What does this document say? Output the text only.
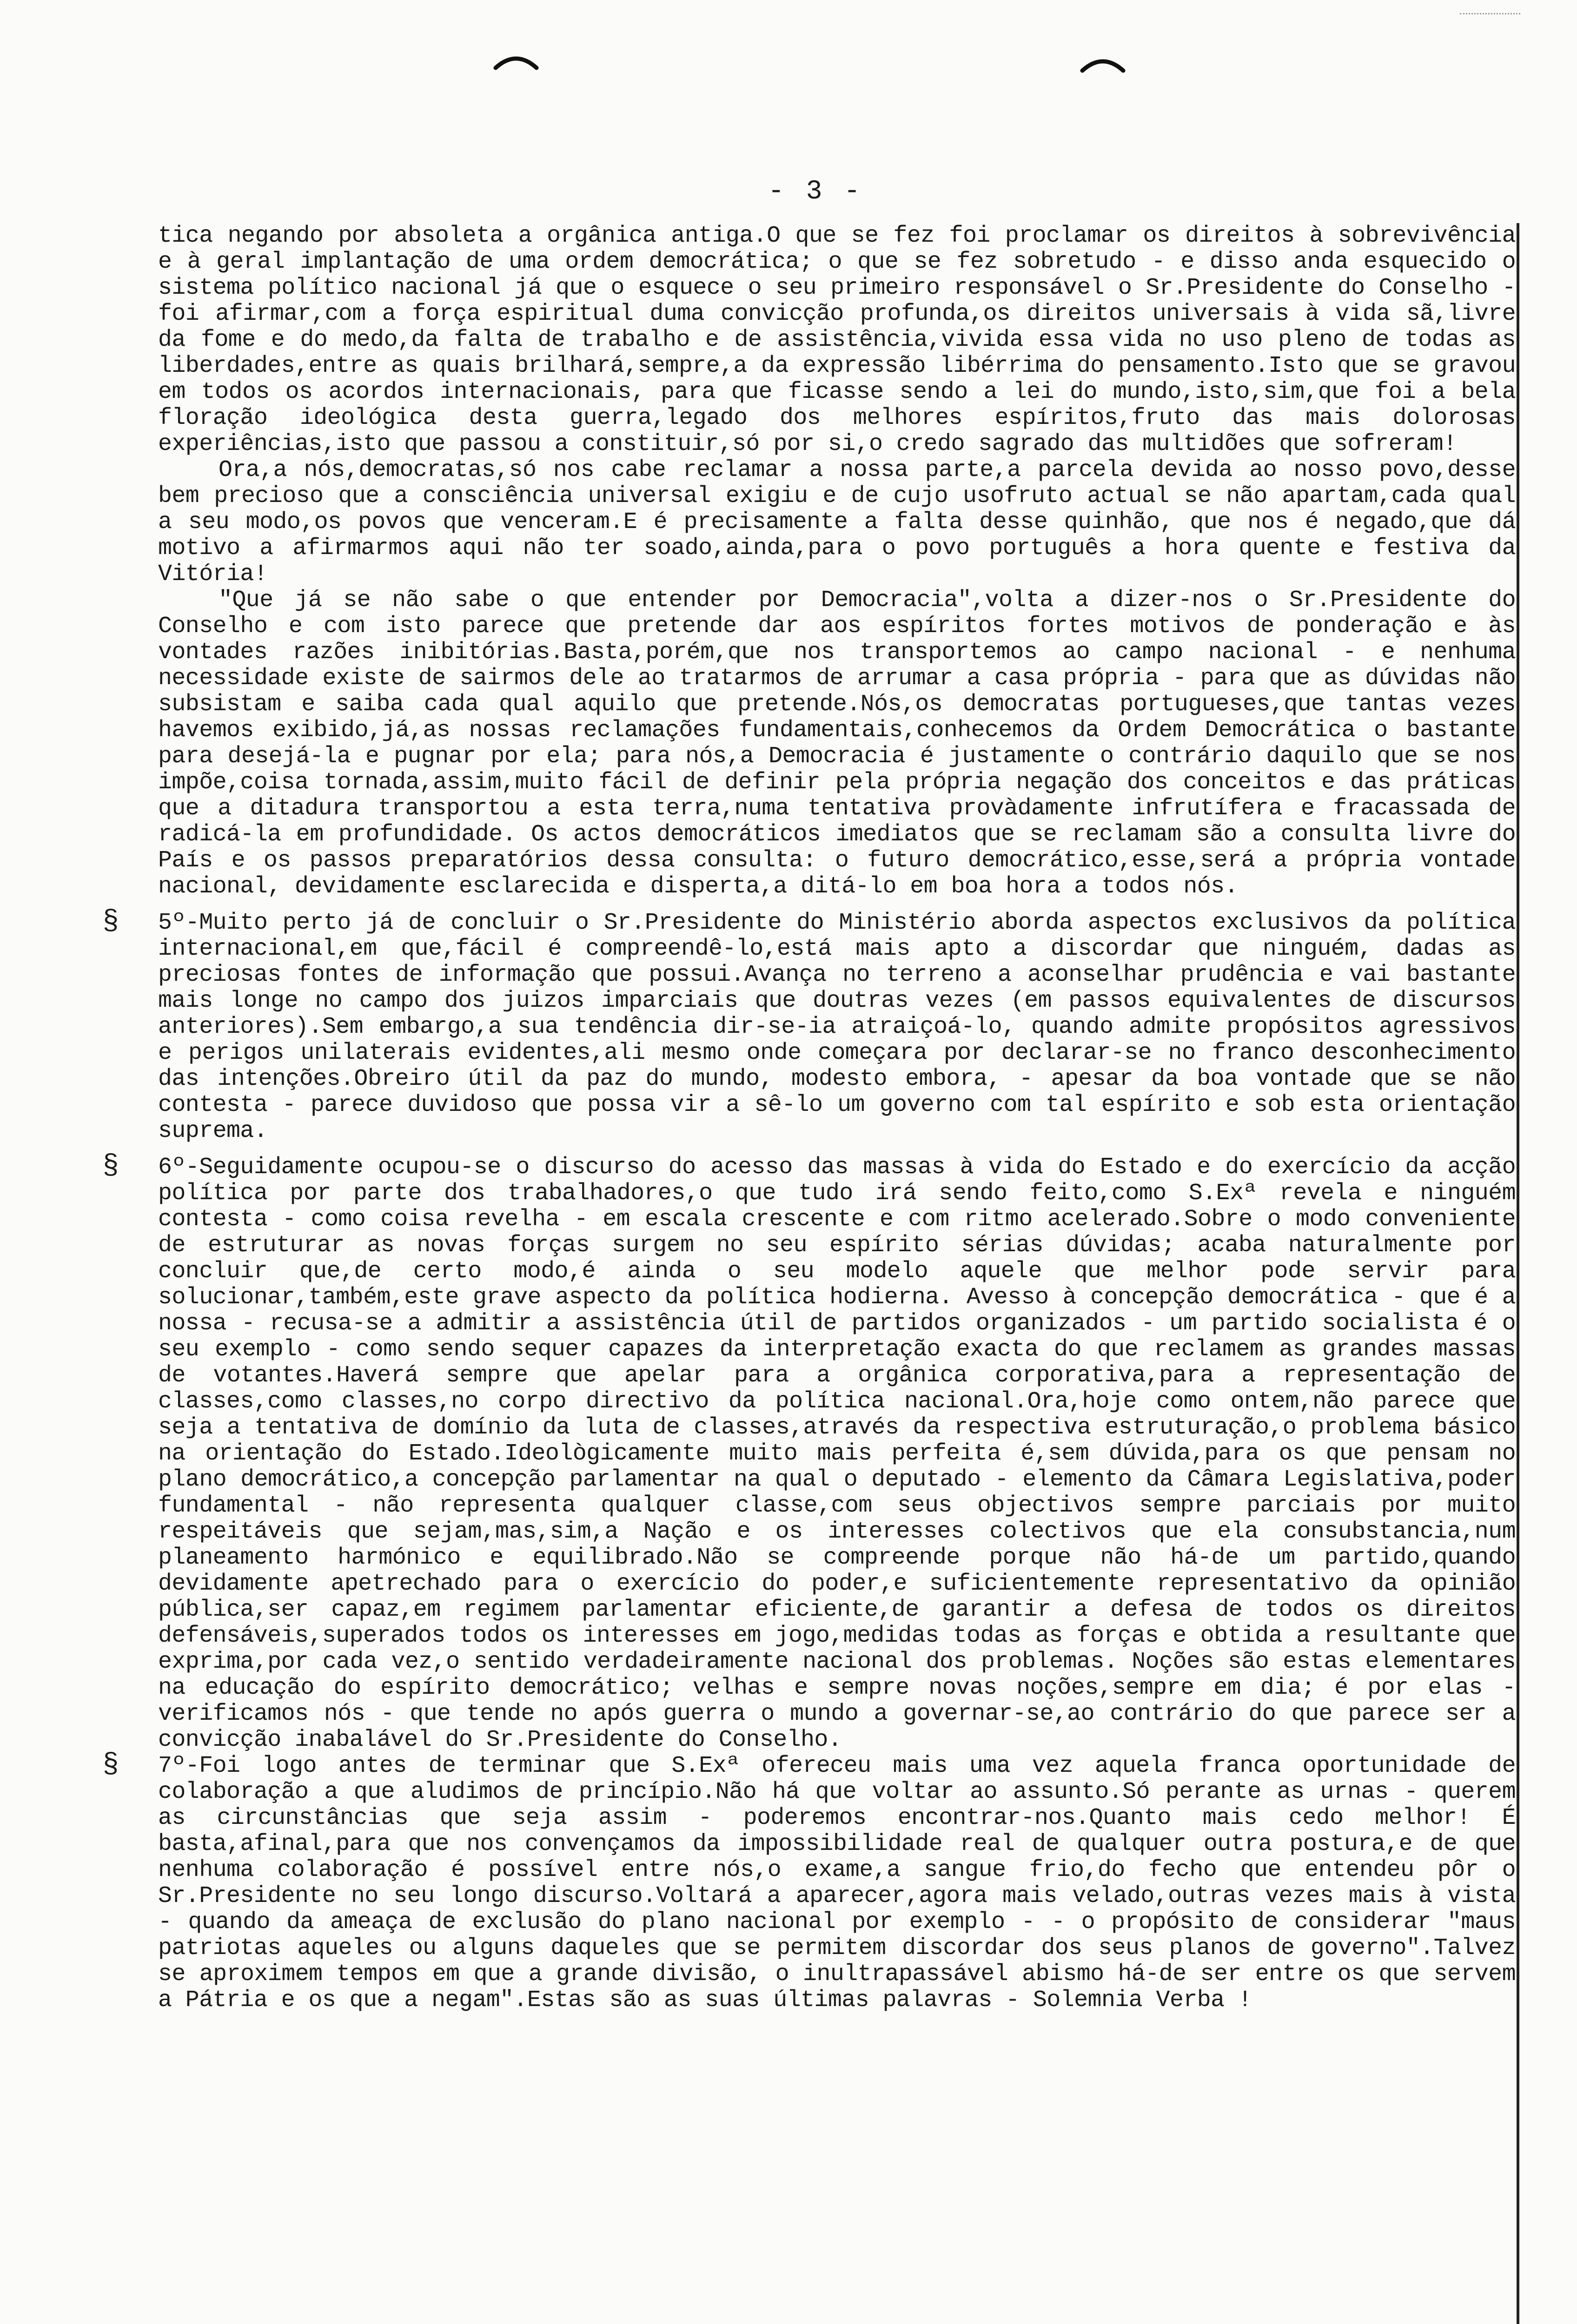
- 3 -

tica negando por absoleta a orgânica antiga.O que se fez foi proclamar os direitos à sobrevivência e à geral implantação de uma ordem democrática; o que se fez sobretudo - e disso anda esquecido o sistema político nacional já que o esquece o seu primeiro responsável o Sr.Presidente do Conselho - foi afirmar,com a força espiritual duma convicção profunda,os direitos universais à vida sã,livre da fome e do medo,da falta de trabalho e de assistência,vivida essa vida no uso pleno de todas as liberdades,entre as quais brilhará,sempre,a da expressão libérrima do pensamento.Isto que se gravou em todos os acordos internacionais, para que ficasse sendo a lei do mundo,isto,sim,que foi a bela floração ideológica desta guerra,legado dos melhores espíritos,fruto das mais dolorosas experiências,isto que passou a constituir,só por si,o credo sagrado das multidões que sofreram!

Ora,a nós,democratas,só nos cabe reclamar a nossa parte,a parcela devida ao nosso povo,desse bem precioso que a consciência universal exigiu e de cujo usofruto actual se não apartam,cada qual a seu modo,os povos que venceram.E é precisamente a falta desse quinhão, que nos é negado,que dá motivo a afirmarmos aqui não ter soado,ainda,para o povo português a hora quente e festiva da Vitória!

"Que já se não sabe o que entender por Democracia",volta a dizer-nos o Sr.Presidente do Conselho e com isto parece que pretende dar aos espíritos fortes motivos de ponderação e às vontades razões inibitórias.Basta,porém,que nos transportemos ao campo nacional - e nenhuma necessidade existe de sairmos dele ao tratarmos de arrumar a casa própria - para que as dúvidas não subsistam e saiba cada qual aquilo que pretende.Nós,os democratas portugueses,que tantas vezes havemos exibido,já,as nossas reclamações fundamentais,conhecemos da Ordem Democrática o bastante para desejá-la e pugnar por ela; para nós,a Democracia é justamente o contrário daquilo que se nos impõe,coisa tornada,assim,muito fácil de definir pela própria negação dos conceitos e das práticas que a ditadura transportou a esta terra,numa tentativa provàdamente infrutífera e fracassada de radicá-la em profundidade. Os actos democráticos imediatos que se reclamam são a consulta livre do País e os passos preparatórios dessa consulta: o futuro democrático,esse,será a própria vontade nacional, devidamente esclarecida e disperta,a ditá-lo em boa hora a todos nós.

§ 5º-Muito perto já de concluir o Sr.Presidente do Ministério aborda aspectos exclusivos da política internacional,em que,fácil é compreendê-lo,está mais apto a discordar que ninguém, dadas as preciosas fontes de informação que possui.Avança no terreno a aconselhar prudência e vai bastante mais longe no campo dos juizos imparciais que doutras vezes (em passos equivalentes de discursos anteriores).Sem embargo,a sua tendência dir-se-ia atraiçoá-lo, quando admite propósitos agressivos e perigos unilaterais evidentes,ali mesmo onde começara por declarar-se no franco desconhecimento das intenções.Obreiro útil da paz do mundo, modesto embora, - apesar da boa vontade que se não contesta - parece duvidoso que possa vir a sê-lo um governo com tal espírito e sob esta orientação suprema.

§ 6º-Seguidamente ocupou-se o discurso do acesso das massas à vida do Estado e do exercício da acção política por parte dos trabalhadores,o que tudo irá sendo feito,como S.Exª revela e ninguém contesta - como coisa revelha - em escala crescente e com ritmo acelerado.Sobre o modo conveniente de estruturar as novas forças surgem no seu espírito sérias dúvidas; acaba naturalmente por concluir que,de certo modo,é ainda o seu modelo aquele que melhor pode servir para solucionar,também,este grave aspecto da política hodierna. Avesso à concepção democrática - que é a nossa - recusa-se a admitir a assistência útil de partidos organizados - um partido socialista é o seu exemplo - como sendo sequer capazes da interpretação exacta do que reclamem as grandes massas de votantes.Haverá sempre que apelar para a orgânica corporativa,para a representação de classes,como classes,no corpo directivo da política nacional.Ora,hoje como ontem,não parece que seja a tentativa de domínio da luta de classes,através da respectiva estruturação,o problema básico na orientação do Estado.Ideològicamente muito mais perfeita é,sem dúvida,para os que pensam no plano democrático,a concepção parlamentar na qual o deputado - elemento da Câmara Legislativa,poder fundamental - não representa qualquer classe,com seus objectivos sempre parciais por muito respeitáveis que sejam,mas,sim,a Nação e os interesses colectivos que ela consubstancia,num planeamento harmónico e equilibrado.Não se compreende porque não há-de um partido,quando devidamente apetrechado para o exercício do poder,e suficientemente representativo da opinião pública,ser capaz,em regimem parlamentar eficiente,de garantir a defesa de todos os direitos defensáveis,superados todos os interesses em jogo,medidas todas as forças e obtida a resultante que exprima,por cada vez,o sentido verdadeiramente nacional dos problemas. Noções são estas elementares na educação do espírito democrático; velhas e sempre novas noções,sempre em dia; é por elas - verificamos nós - que tende no após guerra o mundo a governar-se,ao contrário do que parece ser a convicção inabalável do Sr.Presidente do Conselho.

§ 7º-Foi logo antes de terminar que S.Exª ofereceu mais uma vez aquela franca oportunidade de colaboração a que aludimos de princípio.Não há que voltar ao assunto.Só perante as urnas - querem as circunstâncias que seja assim - poderemos encontrar-nos.Quanto mais cedo melhor! É basta,afinal,para que nos convençamos da impossibilidade real de qualquer outra postura,e de que nenhuma colaboração é possível entre nós,o exame,a sangue frio,do fecho que entendeu pôr o Sr.Presidente no seu longo discurso.Voltará a aparecer,agora mais velado,outras vezes mais à vista - quando da ameaça de exclusão do plano nacional por exemplo - - o propósito de considerar "maus patriotas aqueles ou alguns daqueles que se permitem discordar dos seus planos de governo".Talvez se aproximem tempos em que a grande divisão, o inultrapassável abismo há-de ser entre os que servem a Pátria e os que a negam".Estas são as suas últimas palavras - Solemnia Verba !
